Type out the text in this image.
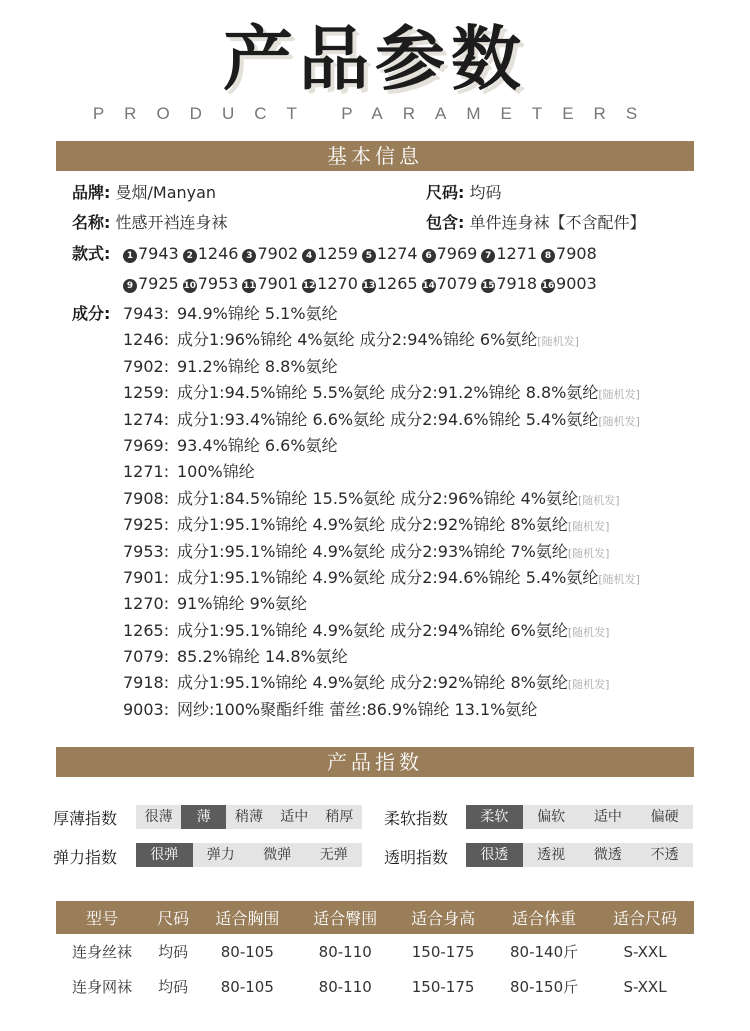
产品参数
PRODUCT PARAMETERS
基本信息
品牌: 曼烟/Manyan	尺码: 均码
名称: 性感开裆连身袜	包含: 单件连身袜【不含配件】
款式:	1 7943 2 1246 3 7902 4 1259 5 1274 6 7969 7 1271 8 7908
9 7925 10 7953 11 7901 12 1270 13 1265 14 7079 15 7918 16 9003
成分: 7943: 94.9%锦纶 5.1%氨纶
1246: 成分1:96%锦纶 4%氨纶 成分2:94%锦纶 6%氨纶[随机发]
7902: 91.2%锦纶 8.8%氨纶
1259: 成分1:94.5%锦纶 5.5%氨纶 成分2:91.2%锦纶 8.8%氨纶[随机发]
1274: 成分1:93.4%锦纶 6.6%氨纶 成分2:94.6%锦纶 5.4%氨纶[随机发]
7969: 93.4%锦纶 6.6%氨纶
1271: 100%锦纶
7908: 成分1:84.5%锦纶 15.5%氨纶 成分2:96%锦纶 4%氨纶[随机发]
7925: 成分1:95.1%锦纶 4.9%氨纶 成分2:92%锦纶 8%氨纶[随机发]
7953: 成分1:95.1%锦纶 4.9%氨纶 成分2:93%锦纶 7%氨纶[随机发]
7901: 成分1:95.1%锦纶 4.9%氨纶 成分2:94.6%锦纶 5.4%氨纶[随机发]
1270: 91%锦纶 9%氨纶
1265: 成分1:95.1%锦纶 4.9%氨纶 成分2:94%锦纶 6%氨纶[随机发]
7079: 85.2%锦纶 14.8%氨纶
7918: 成分1:95.1%锦纶 4.9%氨纶 成分2:92%锦纶 8%氨纶[随机发]
9003: 网纱:100%聚酯纤维 蕾丝:86.9%锦纶 13.1%氨纶
产品指数
厚薄指数	很薄	薄	稍薄	适中	稍厚	柔软指数	柔软	偏软	适中	偏硬
弹力指数	很弹	弹力	微弹	无弹	透明指数	很透	透视	微透	不透
型号	尺码	适合胸围	适合臀围	适合身高	适合体重	适合尺码
连身丝袜	均码	80-105	80-110	150-175	80-140斤	S-XXL
连身网袜	均码	80-105	80-110	150-175	80-150斤	S-XXL
